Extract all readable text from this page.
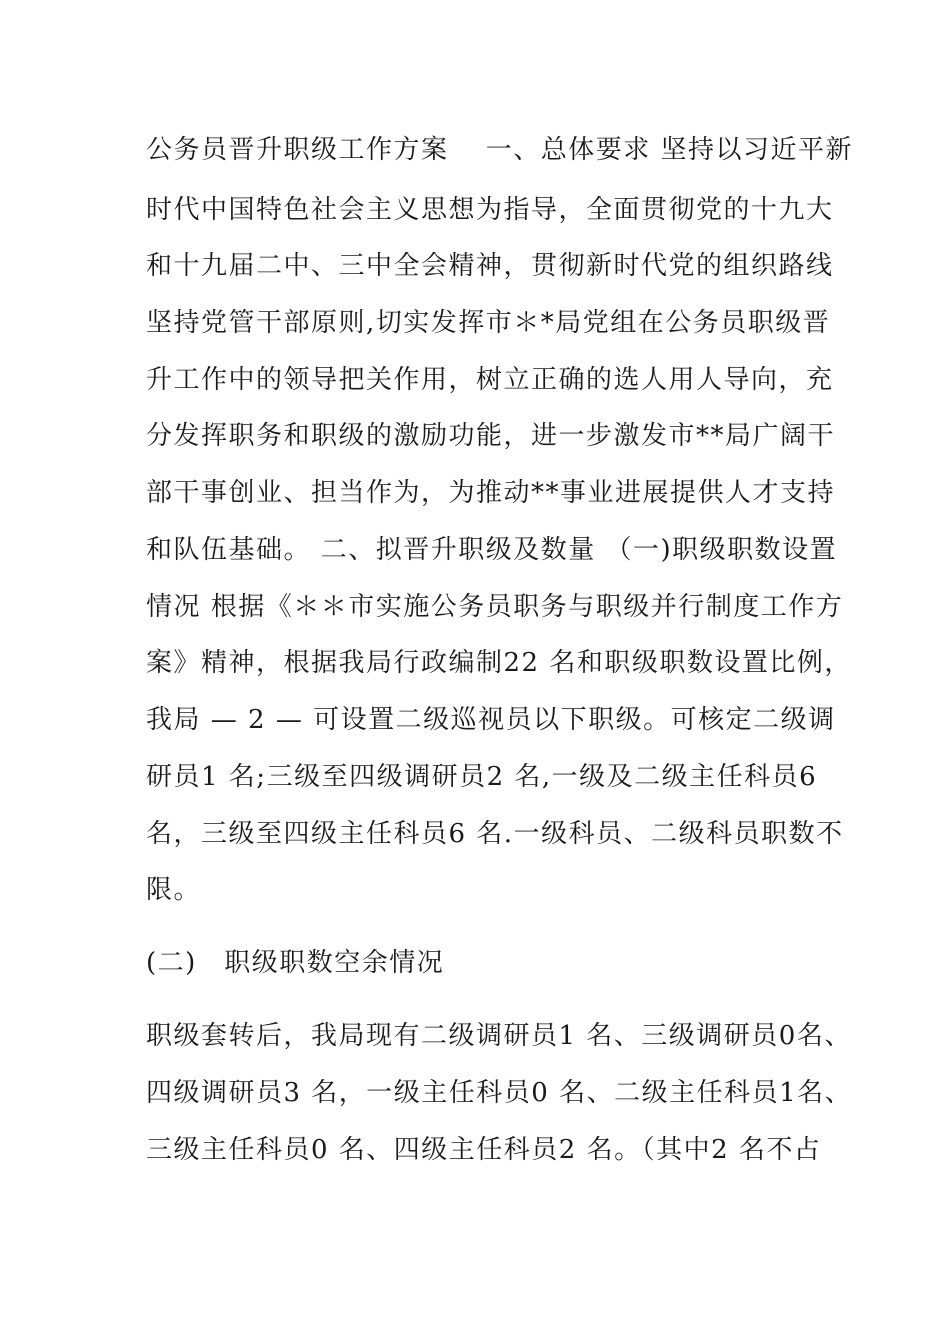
公务员晋升职级工作方案　 一、总体要求 坚持以习近平新
时代中国特色社会主义思想为指导，全面贯彻党的十九大
和十九届二中、三中全会精神，贯彻新时代党的组织路线
坚持党管干部原则,切实发挥市＊*局党组在公务员职级晋
升工作中的领导把关作用，树立正确的选人用人导向，充
分发挥职务和职级的激励功能，进一步激发市**局广阔干
部干事创业、担当作为，为推动**事业进展提供人才支持
和队伍基础。 二、拟晋升职级及数量 （一)职级职数设置
情况 根据《＊＊市实施公务员职务与职级并行制度工作方
案》精神，根据我局行政编制22 名和职级职数设置比例，
我局 — 2 — 可设置二级巡视员以下职级。可核定二级调
研员1 名;三级至四级调研员2 名,一级及二级主任科员6
名，三级至四级主任科员6 名.一级科员、二级科员职数不
限。
(二)　职级职数空余情况
职级套转后，我局现有二级调研员1 名、三级调研员0名、
四级调研员3 名，一级主任科员0 名、二级主任科员1名、
三级主任科员0 名、四级主任科员2 名。（其中2 名不占
